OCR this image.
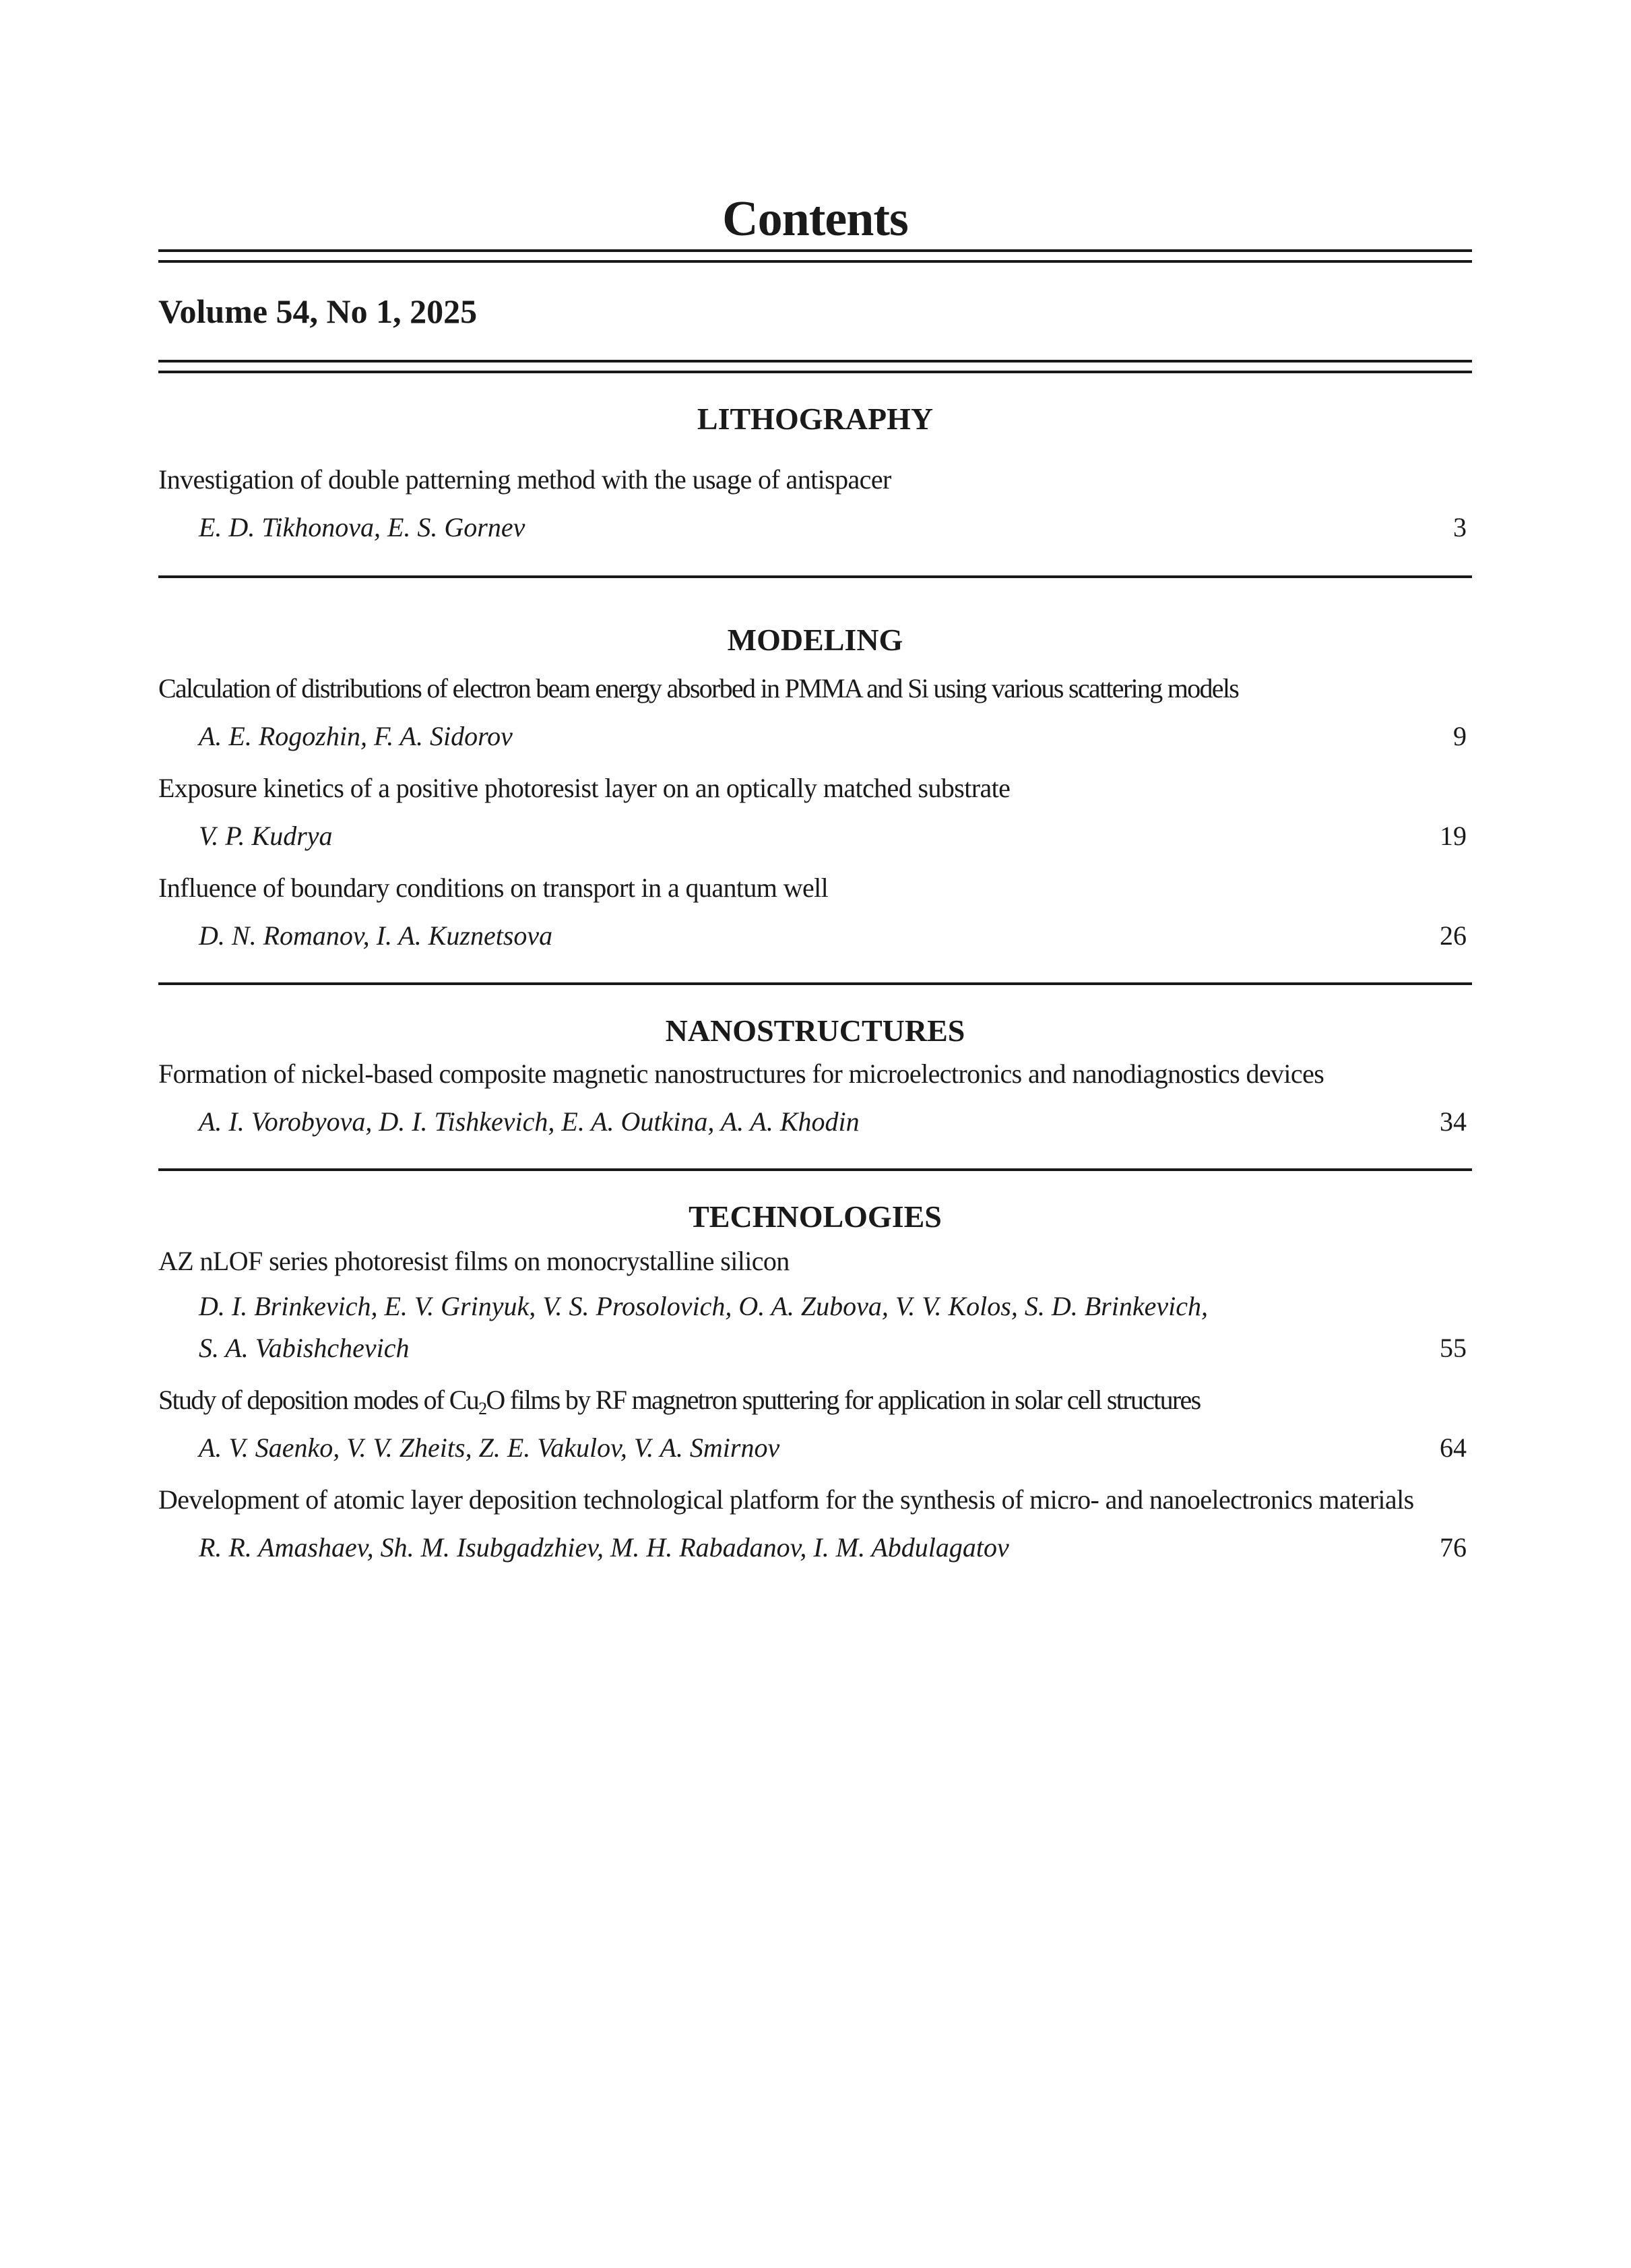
Contents
Volume 54, No 1, 2025
LITHOGRAPHY
Investigation of double patterning method with the usage of antispacer
E. D. Tikhonova, E. S. Gornev	3
MODELING
Calculation of distributions of electron beam energy absorbed in PMMA and Si using various scattering models
A. E. Rogozhin, F. A. Sidorov	9
Exposure kinetics of a positive photoresist layer on an optically matched substrate
V. P. Kudrya	19
Influence of boundary conditions on transport in a quantum well
D. N. Romanov, I. A. Kuznetsova	26
NANOSTRUCTURES
Formation of nickel-based composite magnetic nanostructures for microelectronics and nanodiagnostics devices
A. I. Vorobyova, D. I. Tishkevich, E. A. Outkina, A. A. Khodin	34
TECHNOLOGIES
AZ nLOF series photoresist films on monocrystalline silicon
D. I. Brinkevich, E. V. Grinyuk, V. S. Prosolovich, O. A. Zubova, V. V. Kolos, S. D. Brinkevich,
S. A. Vabishchevich	55
Study of deposition modes of $Cu_2O$ films by RF magnetron sputtering for application in solar cell structures
A. V. Saenko, V. V. Zheits, Z. E. Vakulov, V. A. Smirnov	64
Development of atomic layer deposition technological platform for the synthesis of micro- and nanoelectronics materials
R. R. Amashaev, Sh. M. Isubgadzhiev, M. H. Rabadanov, I. M. Abdulagatov	76
